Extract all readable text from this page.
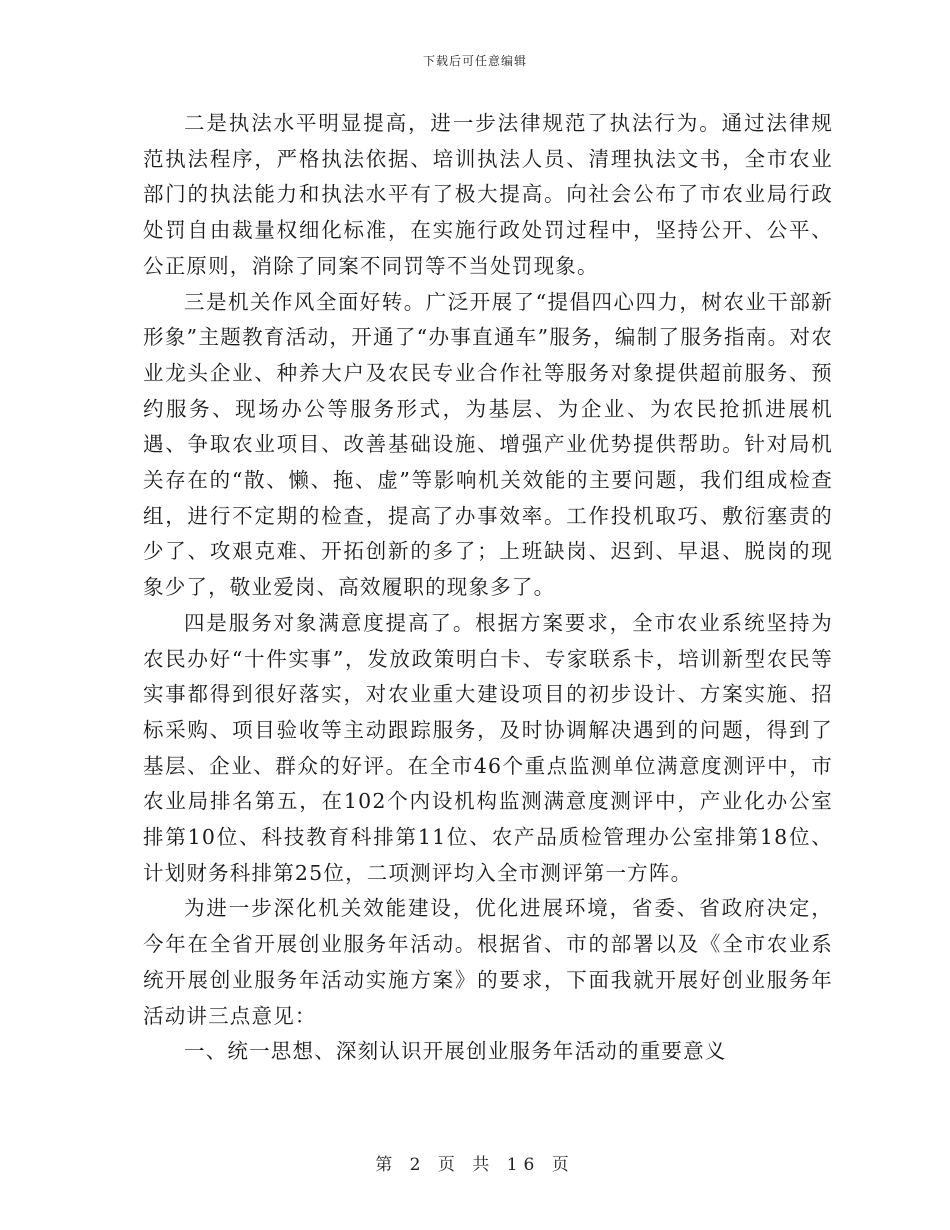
下载后可任意编辑

二是执法水平明显提高，进一步法律规范了执法行为。通过法律规范执法程序，严格执法依据、培训执法人员、清理执法文书，全市农业部门的执法能力和执法水平有了极大提高。向社会公布了市农业局行政处罚自由裁量权细化标准，在实施行政处罚过程中，坚持公开、公平、公正原则，消除了同案不同罚等不当处罚现象。

三是机关作风全面好转。广泛开展了“提倡四心四力，树农业干部新形象”主题教育活动，开通了“办事直通车”服务，编制了服务指南。对农业龙头企业、种养大户及农民专业合作社等服务对象提供超前服务、预约服务、现场办公等服务形式，为基层、为企业、为农民抢抓进展机遇、争取农业项目、改善基础设施、增强产业优势提供帮助。针对局机关存在的“散、懒、拖、虚”等影响机关效能的主要问题，我们组成检查组，进行不定期的检查，提高了办事效率。工作投机取巧、敷衍塞责的少了、攻艰克难、开拓创新的多了；上班缺岗、迟到、早退、脱岗的现象少了，敬业爱岗、高效履职的现象多了。

四是服务对象满意度提高了。根据方案要求，全市农业系统坚持为农民办好“十件实事”，发放政策明白卡、专家联系卡，培训新型农民等实事都得到很好落实，对农业重大建设项目的初步设计、方案实施、招标采购、项目验收等主动跟踪服务，及时协调解决遇到的问题，得到了基层、企业、群众的好评。在全市46个重点监测单位满意度测评中，市农业局排名第五，在102个内设机构监测满意度测评中，产业化办公室排第10位、科技教育科排第11位、农产品质检管理办公室排第18位、计划财务科排第25位，二项测评均入全市测评第一方阵。

为进一步深化机关效能建设，优化进展环境，省委、省政府决定，今年在全省开展创业服务年活动。根据省、市的部署以及《全市农业系统开展创业服务年活动实施方案》的要求，下面我就开展好创业服务年活动讲三点意见：

一、统一思想、深刻认识开展创业服务年活动的重要意义

第 2 页 共 16 页
